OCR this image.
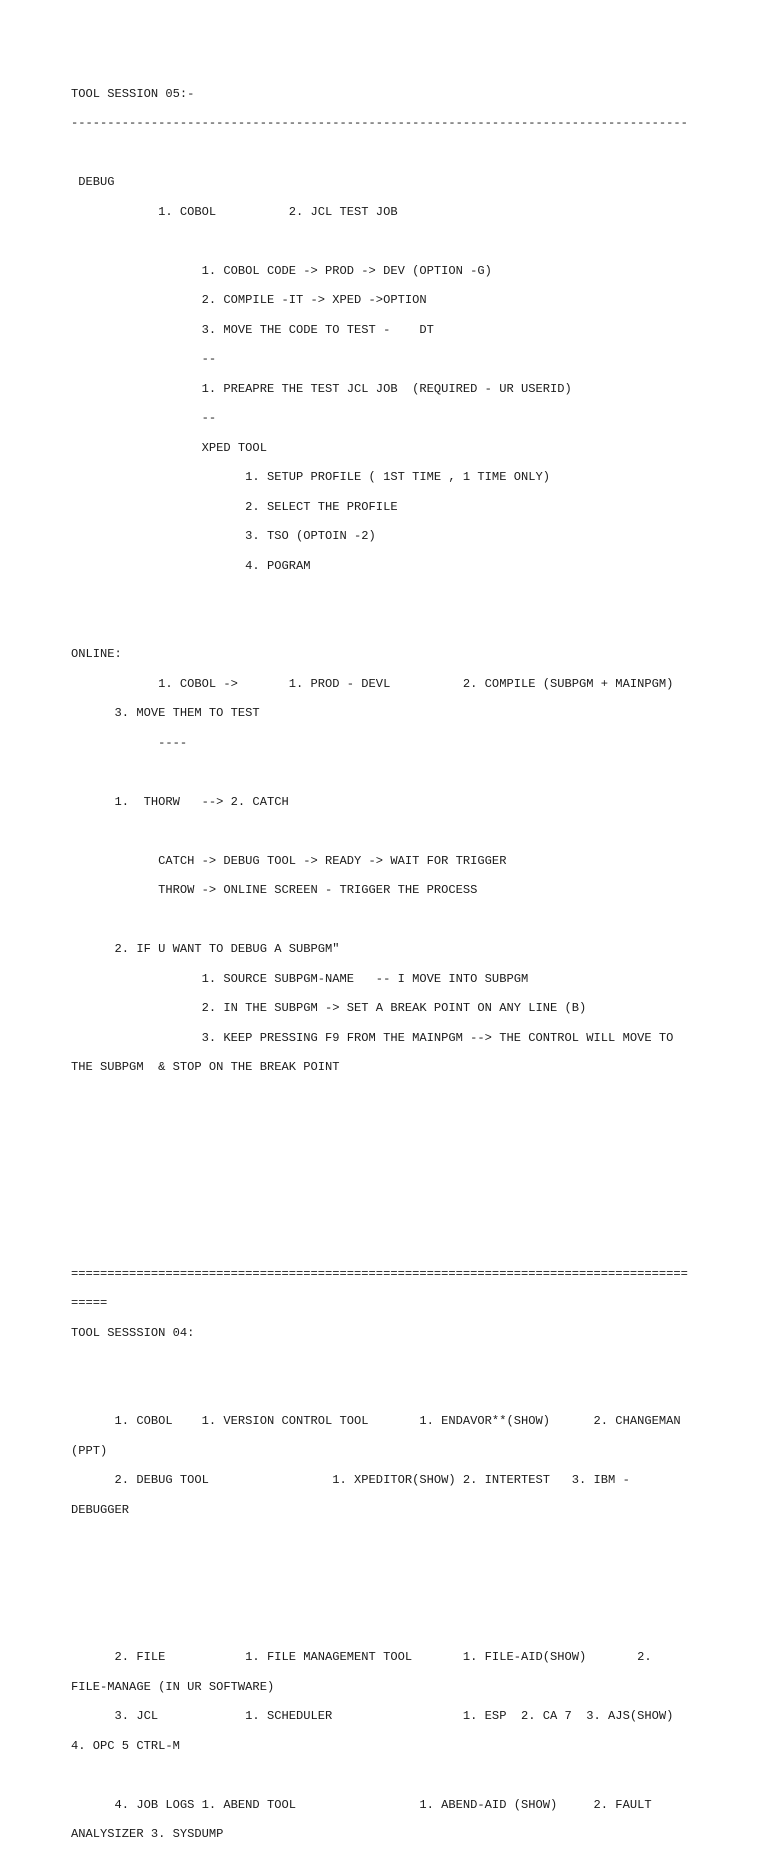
TOOL SESSION 05:-

-------------------------------------------------------------------------------------

DEBUG

1. COBOL          2. JCL TEST JOB

1. COBOL CODE -> PROD -> DEV (OPTION -G)

2. COMPILE -IT -> XPED ->OPTION

3. MOVE THE CODE TO TEST -    DT

--

1. PREAPRE THE TEST JCL JOB  (REQUIRED - UR USERID)

--

XPED TOOL

1. SETUP PROFILE ( 1ST TIME , 1 TIME ONLY)

2. SELECT THE PROFILE

3. TSO (OPTOIN -2)

4. POGRAM

ONLINE:

1. COBOL ->       1. PROD - DEVL          2. COMPILE (SUBPGM + MAINPGM)

3. MOVE THEM TO TEST

----

1.  THORW   --> 2. CATCH

CATCH -> DEBUG TOOL -> READY -> WAIT FOR TRIGGER

THROW -> ONLINE SCREEN - TRIGGER THE PROCESS

2. IF U WANT TO DEBUG A SUBPGM"

1. SOURCE SUBPGM-NAME   -- I MOVE INTO SUBPGM

2. IN THE SUBPGM -> SET A BREAK POINT ON ANY LINE (B)

3. KEEP PRESSING F9 FROM THE MAINPGM --> THE CONTROL WILL MOVE TO

THE SUBPGM  & STOP ON THE BREAK POINT

=====================================================================================

=====

TOOL SESSSION 04:

1. COBOL    1. VERSION CONTROL TOOL       1. ENDAVOR**(SHOW)      2. CHANGEMAN

(PPT)

2. DEBUG TOOL                 1. XPEDITOR(SHOW) 2. INTERTEST   3. IBM -

DEBUGGER

2. FILE           1. FILE MANAGEMENT TOOL       1. FILE-AID(SHOW)       2.

FILE-MANAGE (IN UR SOFTWARE)

3. JCL            1. SCHEDULER                  1. ESP  2. CA 7  3. AJS(SHOW)

4. OPC 5 CTRL-M

4. JOB LOGS 1. ABEND TOOL                 1. ABEND-AID (SHOW)     2. FAULT

ANALYSIZER 3. SYSDUMP
